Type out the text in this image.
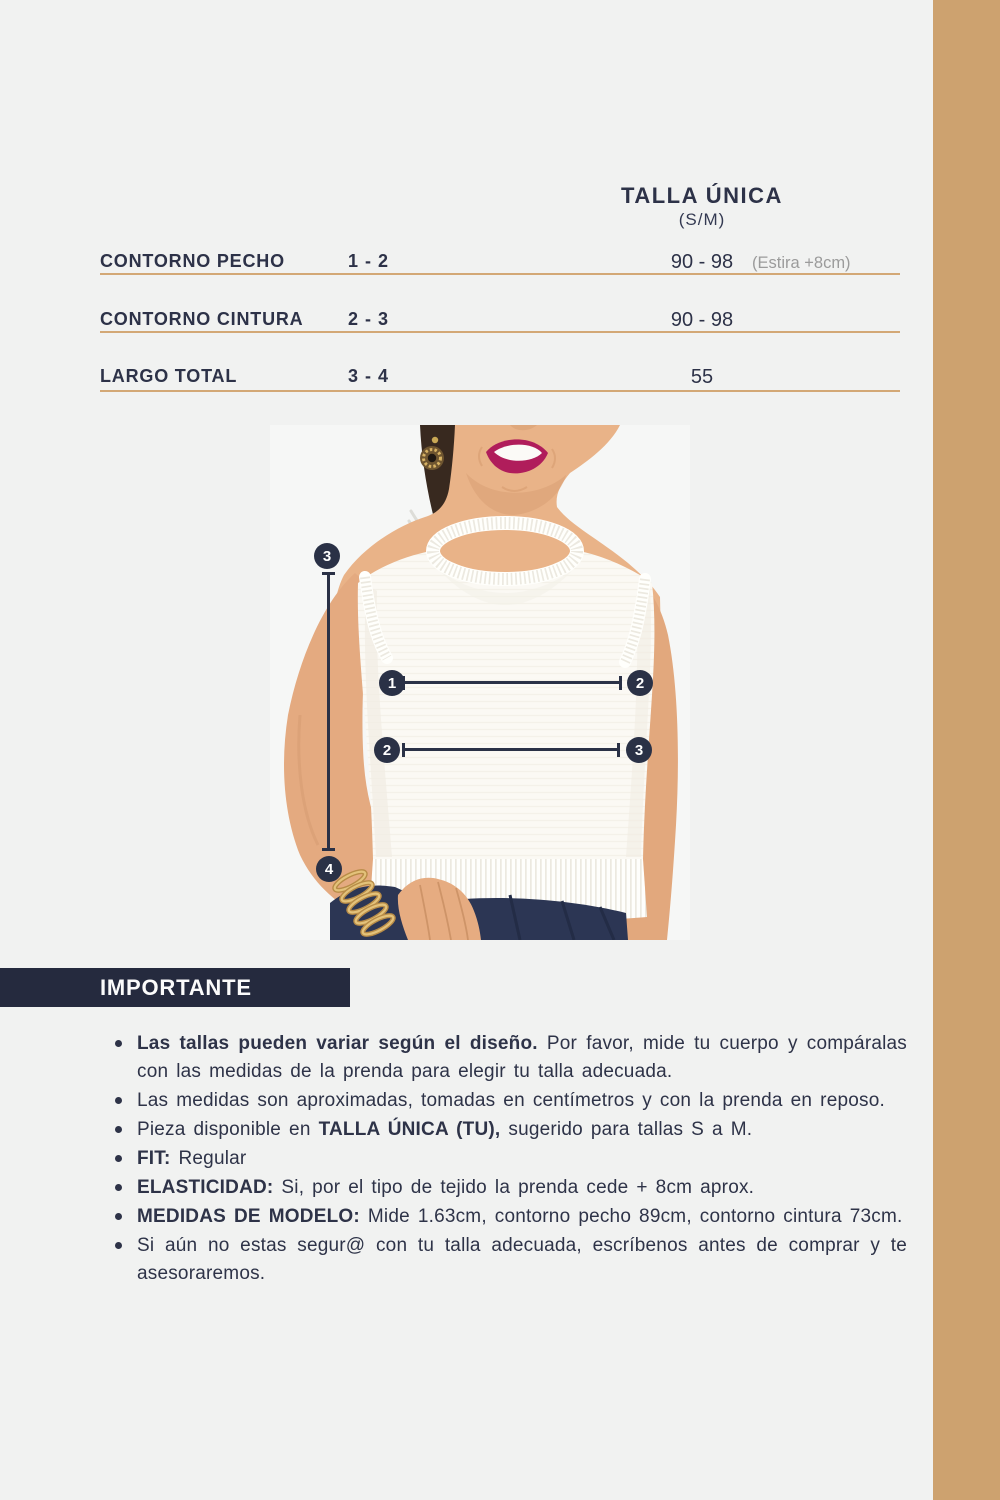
TALLA ÚNICA
(S/M)
CONTORNO PECHO	1 - 2	90 - 98	(Estira +8cm)
CONTORNO CINTURA 2 - 3	90 - 98
LARGO TOTAL	3 - 4	55
3
4
1	2
2	3
IMPORTANTE
Las tallas pueden variar según el diseño. Por favor, mide tu cuerpo y compáralas con las medidas de la prenda para elegir tu talla adecuada.
Las medidas son aproximadas, tomadas en centímetros y con la prenda en reposo.
Pieza disponible en TALLA ÚNICA (TU), sugerido para tallas S a M.
FIT: Regular
ELASTICIDAD: Si, por el tipo de tejido la prenda cede + 8cm aprox.
MEDIDAS DE MODELO: Mide 1.63cm, contorno pecho 89cm, contorno cintura 73cm.
Si aún no estas segur@ con tu talla adecuada, escríbenos antes de comprar y te asesoraremos.
